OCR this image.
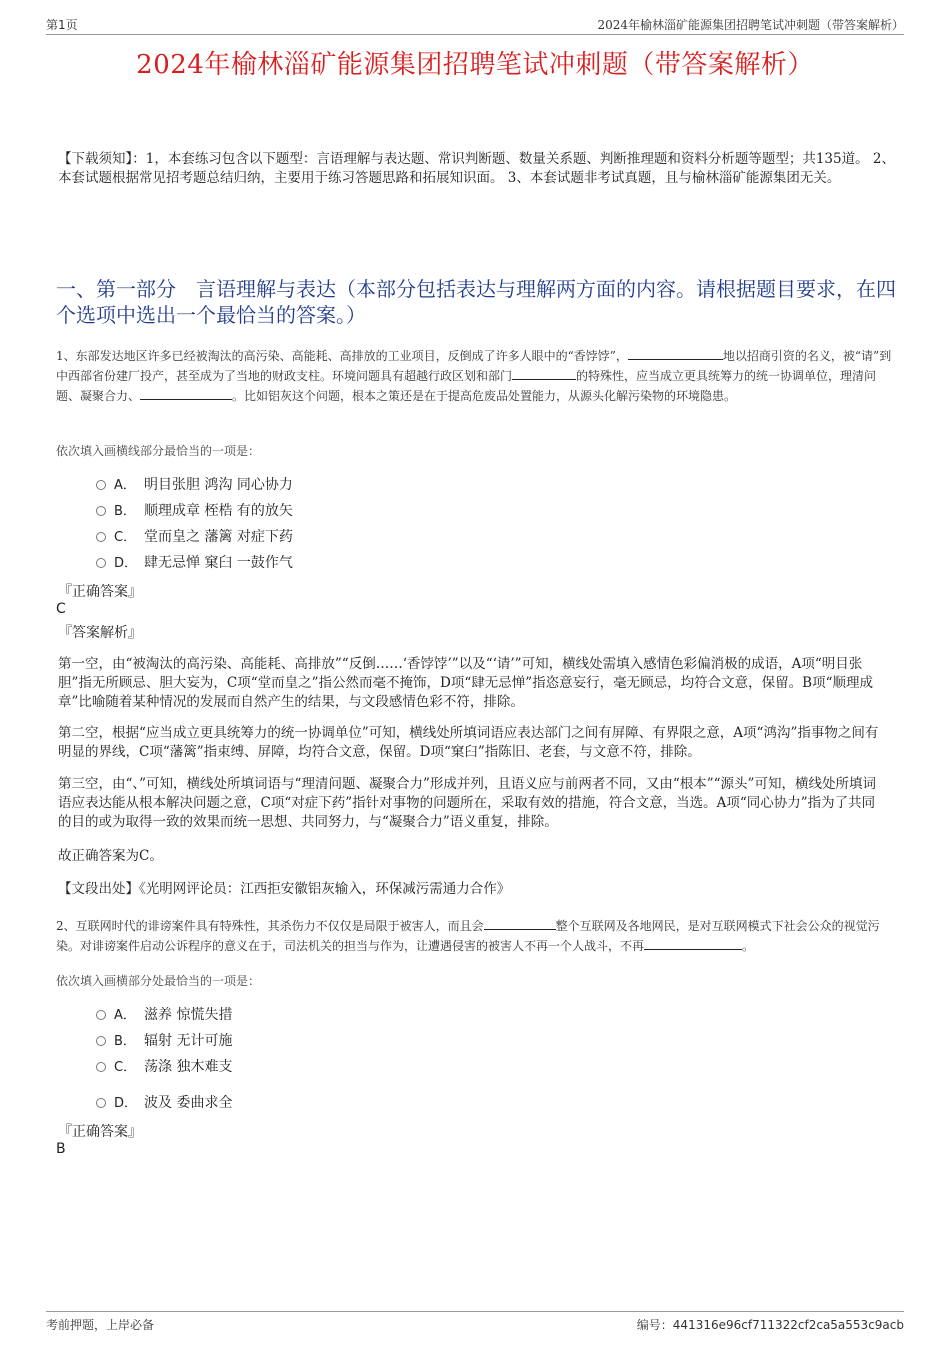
第1页	2024年榆林淄矿能源集团招聘笔试冲刺题（带答案解析）
2024年榆林淄矿能源集团招聘笔试冲刺题（带答案解析）
【下载须知】：1，本套练习包含以下题型：言语理解与表达题、常识判断题、数量关系题、判断推理题和资料分析题等题型；共135道。 2、本套试题根据常见招考题总结归纳，主要用于练习答题思路和拓展知识面。 3、本套试题非考试真题，且与榆林淄矿能源集团无关。
一、第一部分　言语理解与表达（本部分包括表达与理解两方面的内容。请根据题目要求，在四个选项中选出一个最恰当的答案。）
1、东部发达地区许多已经被淘汰的高污染、高能耗、高排放的工业项目，反倒成了许多人眼中的“香饽饽”，	地以招商引资的名义，被“请”到中西部省份建厂投产，甚至成为了当地的财政支柱。环境问题具有超越行政区划和部门	的特殊性，应当成立更具统筹力的统一协调单位，理清问题、凝聚合力、	。比如铝灰这个问题，根本之策还是在于提高危废品处置能力，从源头化解污染物的环境隐患。
依次填入画横线部分最恰当的一项是：
A． 明目张胆 鸿沟 同心协力
B． 顺理成章 桎梏 有的放矢
C． 堂而皇之 藩篱 对症下药
D． 肆无忌惮 窠臼 一鼓作气
『正确答案』
C
『答案解析』
第一空，由“被淘汰的高污染、高能耗、高排放”“反倒……‘香饽饽’”以及“‘请’”可知，横线处需填入感情色彩偏消极的成语，A项“明目张胆”指无所顾忌、胆大妄为，C项“堂而皇之”指公然而毫不掩饰，D项“肆无忌惮”指恣意妄行，毫无顾忌，均符合文意，保留。B项“顺理成章”比喻随着某种情况的发展而自然产生的结果，与文段感情色彩不符，排除。
第二空，根据“应当成立更具统筹力的统一协调单位”可知，横线处所填词语应表达部门之间有屏障、有界限之意，A项“鸿沟”指事物之间有明显的界线，C项“藩篱”指束缚、屏障，均符合文意，保留。D项“窠臼”指陈旧、老套，与文意不符，排除。
第三空，由“、”可知，横线处所填词语与“理清问题、凝聚合力”形成并列，且语义应与前两者不同，又由“根本”“源头”可知，横线处所填词语应表达能从根本解决问题之意，C项“对症下药”指针对事物的问题所在，采取有效的措施，符合文意，当选。A项“同心协力”指为了共同的目的或为取得一致的效果而统一思想、共同努力，与“凝聚合力”语义重复，排除。
故正确答案为C。
【文段出处】《光明网评论员：江西拒安徽铝灰输入，环保减污需通力合作》
2、互联网时代的诽谤案件具有特殊性，其杀伤力不仅仅是局限于被害人，而且会	整个互联网及各地网民，是对互联网模式下社会公众的视觉污染。对诽谤案件启动公诉程序的意义在于，司法机关的担当与作为，让遭遇侵害的被害人不再一个人战斗，不再	。
依次填入画横部分处最恰当的一项是：
A． 滋养 惊慌失措
B． 辐射 无计可施
C． 荡涤 独木难支
D． 波及 委曲求全
『正确答案』
B
考前押题，上岸必备	编号：441316e96cf711322cf2ca5a553c9acb
